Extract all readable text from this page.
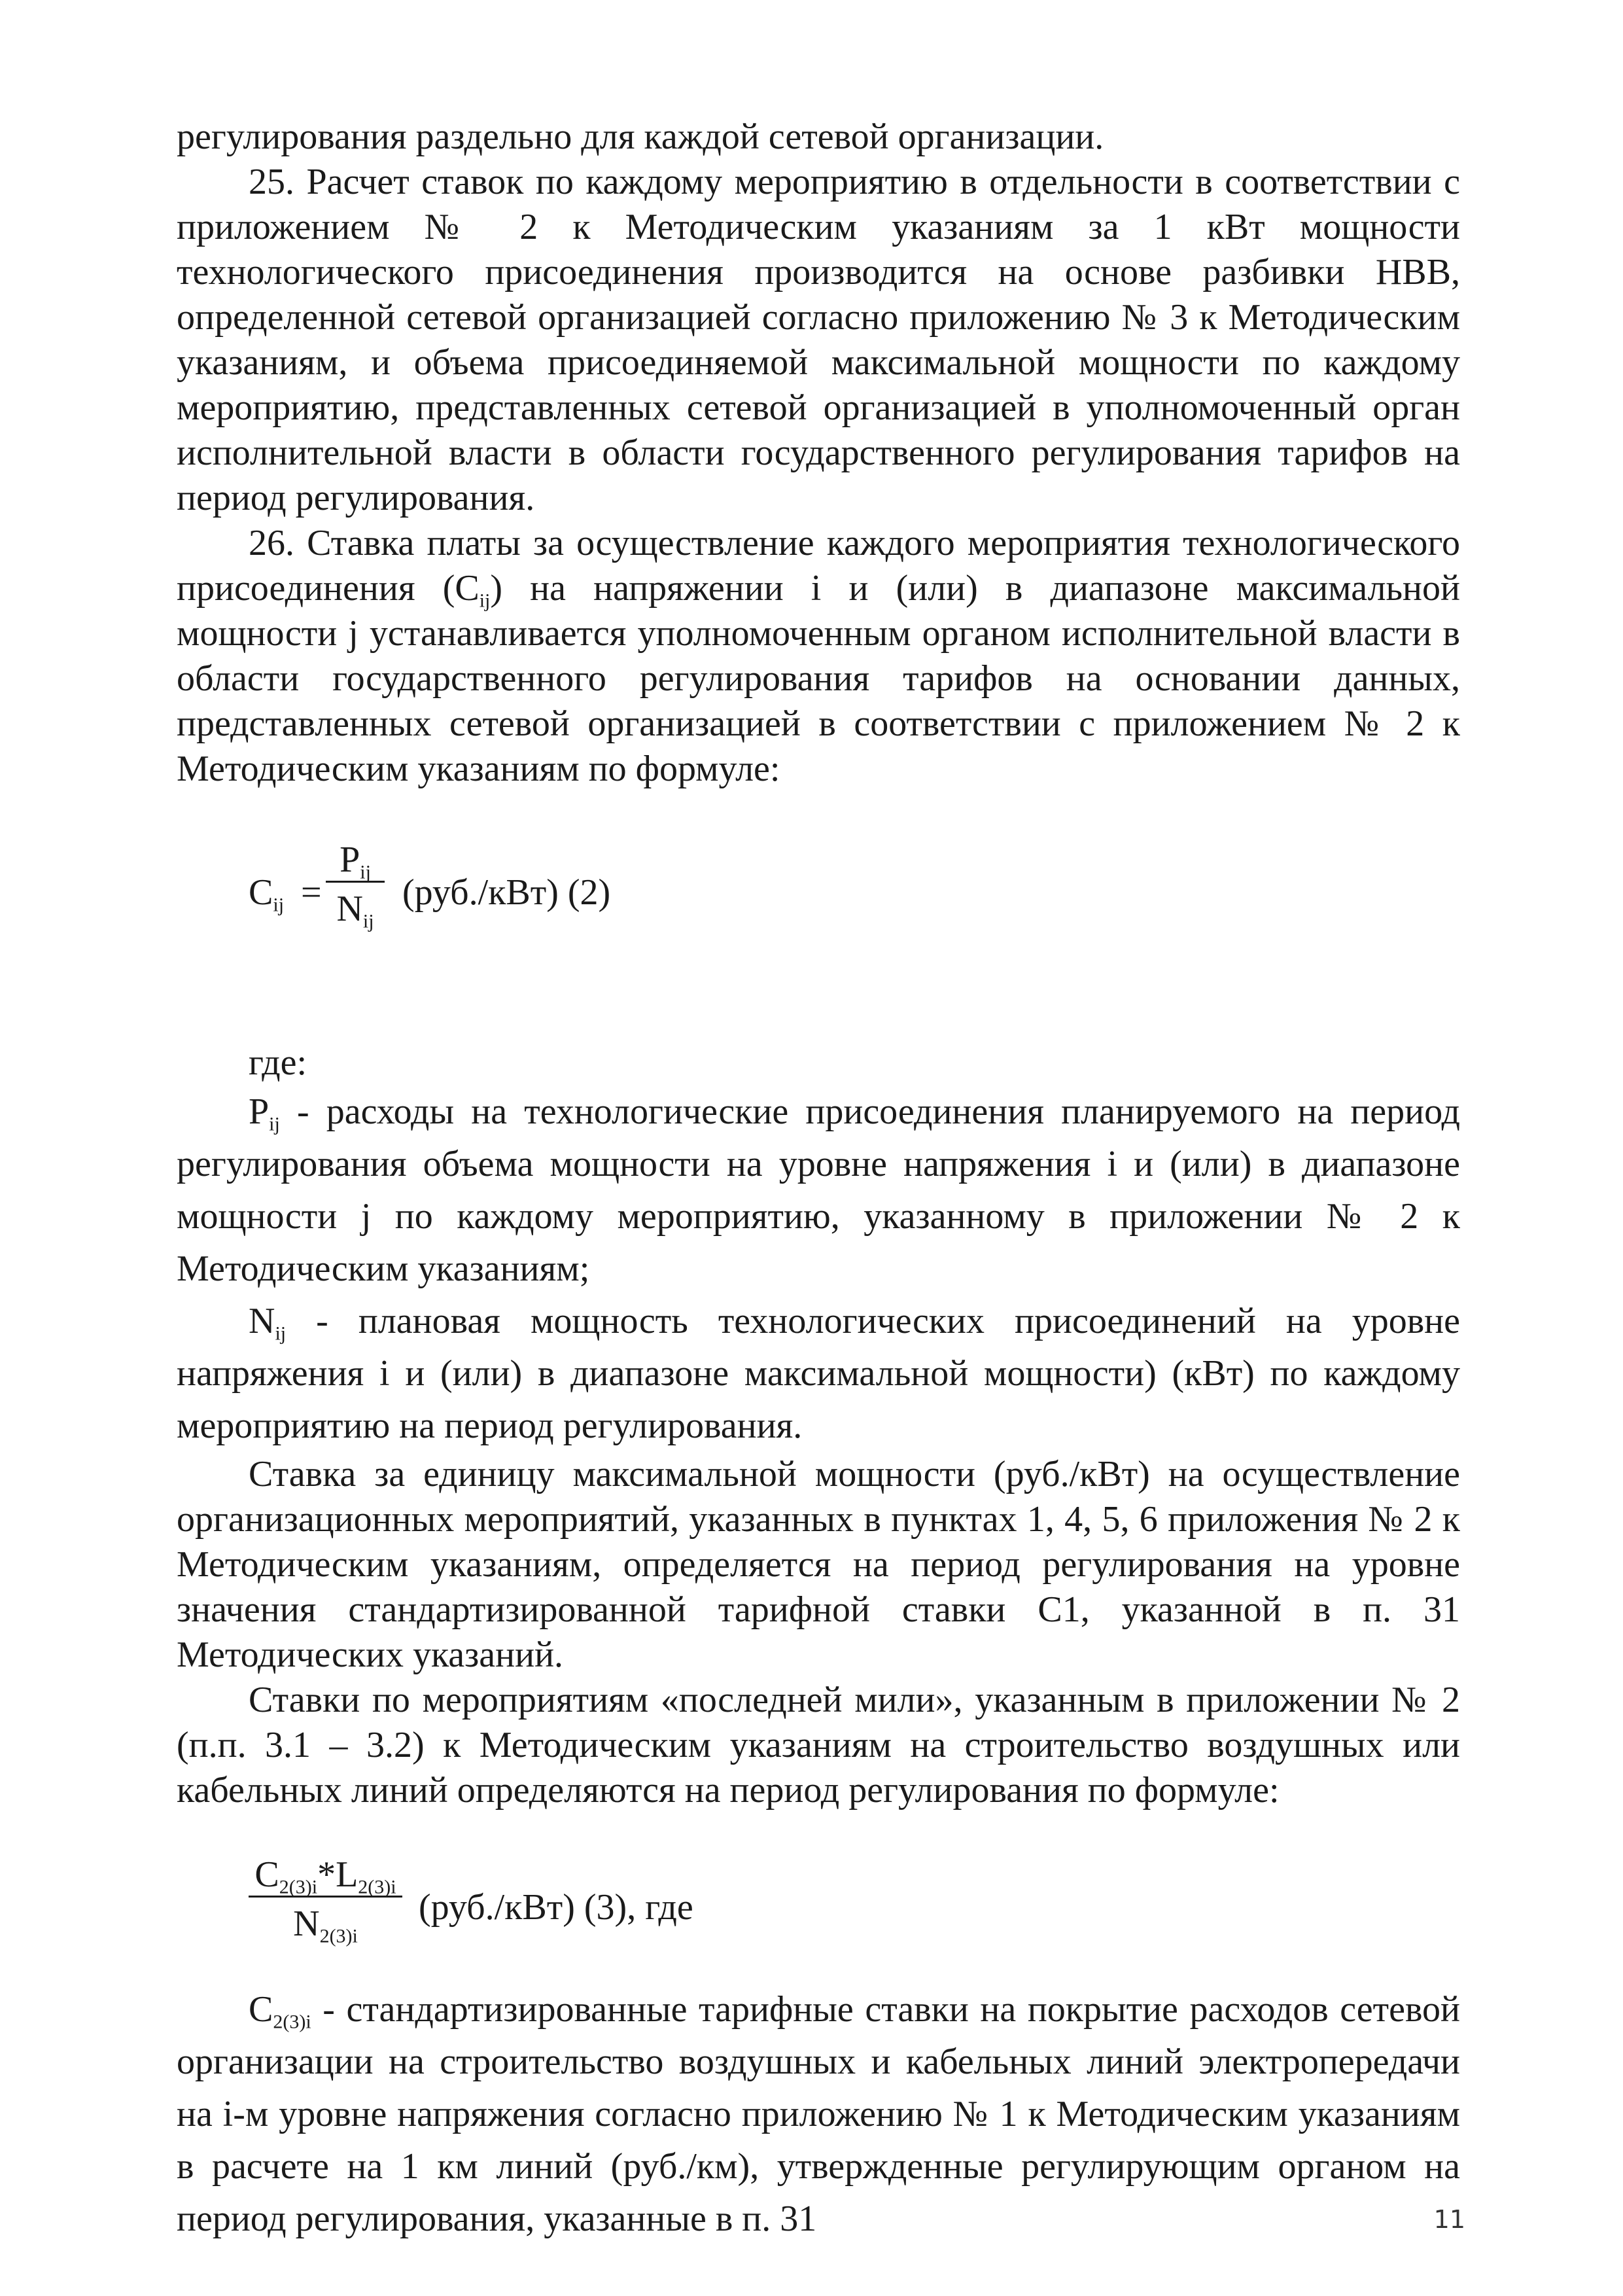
регулирования раздельно для каждой сетевой организации.

25. Расчет ставок по каждому мероприятию в отдельности в соответствии с приложением № 2 к Методическим указаниям за 1 кВт мощности технологического присоединения производится на основе разбивки НВВ, определенной сетевой организацией согласно приложению № 3 к Методическим указаниям, и объема присоединяемой максимальной мощности по каждому мероприятию, представленных сетевой организацией в уполномоченный орган исполнительной власти в области государственного регулирования тарифов на период регулирования.

26. Ставка платы за осуществление каждого мероприятия технологического присоединения $(C_{ij})$ на напряжении i и (или) в диапазоне максимальной мощности j устанавливается уполномоченным органом исполнительной власти в области государственного регулирования тарифов на основании данных, представленных сетевой организацией в соответствии с приложением № 2 к Методическим указаниям по формуле:

$C_{ij}$ =
$P_{ij}$
$N_{ij}$
(руб./кВт) (2)

где:

$P_{ij}$ - расходы на технологические присоединения планируемого на период регулирования объема мощности на уровне напряжения i и (или) в диапазоне мощности j по каждому мероприятию, указанному в приложении № 2 к Методическим указаниям;

$N_{ij}$ - плановая мощность технологических присоединений на уровне напряжения i и (или) в диапазоне максимальной мощности) (кВт) по каждому мероприятию на период регулирования.

Ставка за единицу максимальной мощности (руб./кВт) на осуществление организационных мероприятий, указанных в пунктах 1, 4, 5, 6 приложения № 2 к Методическим указаниям, определяется на период регулирования на уровне значения стандартизированной тарифной ставки С1, указанной в п. 31 Методических указаний.

Ставки по мероприятиям «последней мили», указанным в приложении № 2 (п.п. 3.1 – 3.2) к Методическим указаниям на строительство воздушных или кабельных линий определяются на период регулирования по формуле:

$C_{2(3)i}*L_{2(3)i}$
$N_{2(3)i}$
(руб./кВт) (3), где

$C_{2(3)i}$ - стандартизированные тарифные ставки на покрытие расходов сетевой организации на строительство воздушных и кабельных линий электропередачи на i-м уровне напряжения согласно приложению № 1 к Методическим указаниям в расчете на 1 км линий (руб./км), утвержденные регулирующим органом на период регулирования, указанные в п. 31	11
